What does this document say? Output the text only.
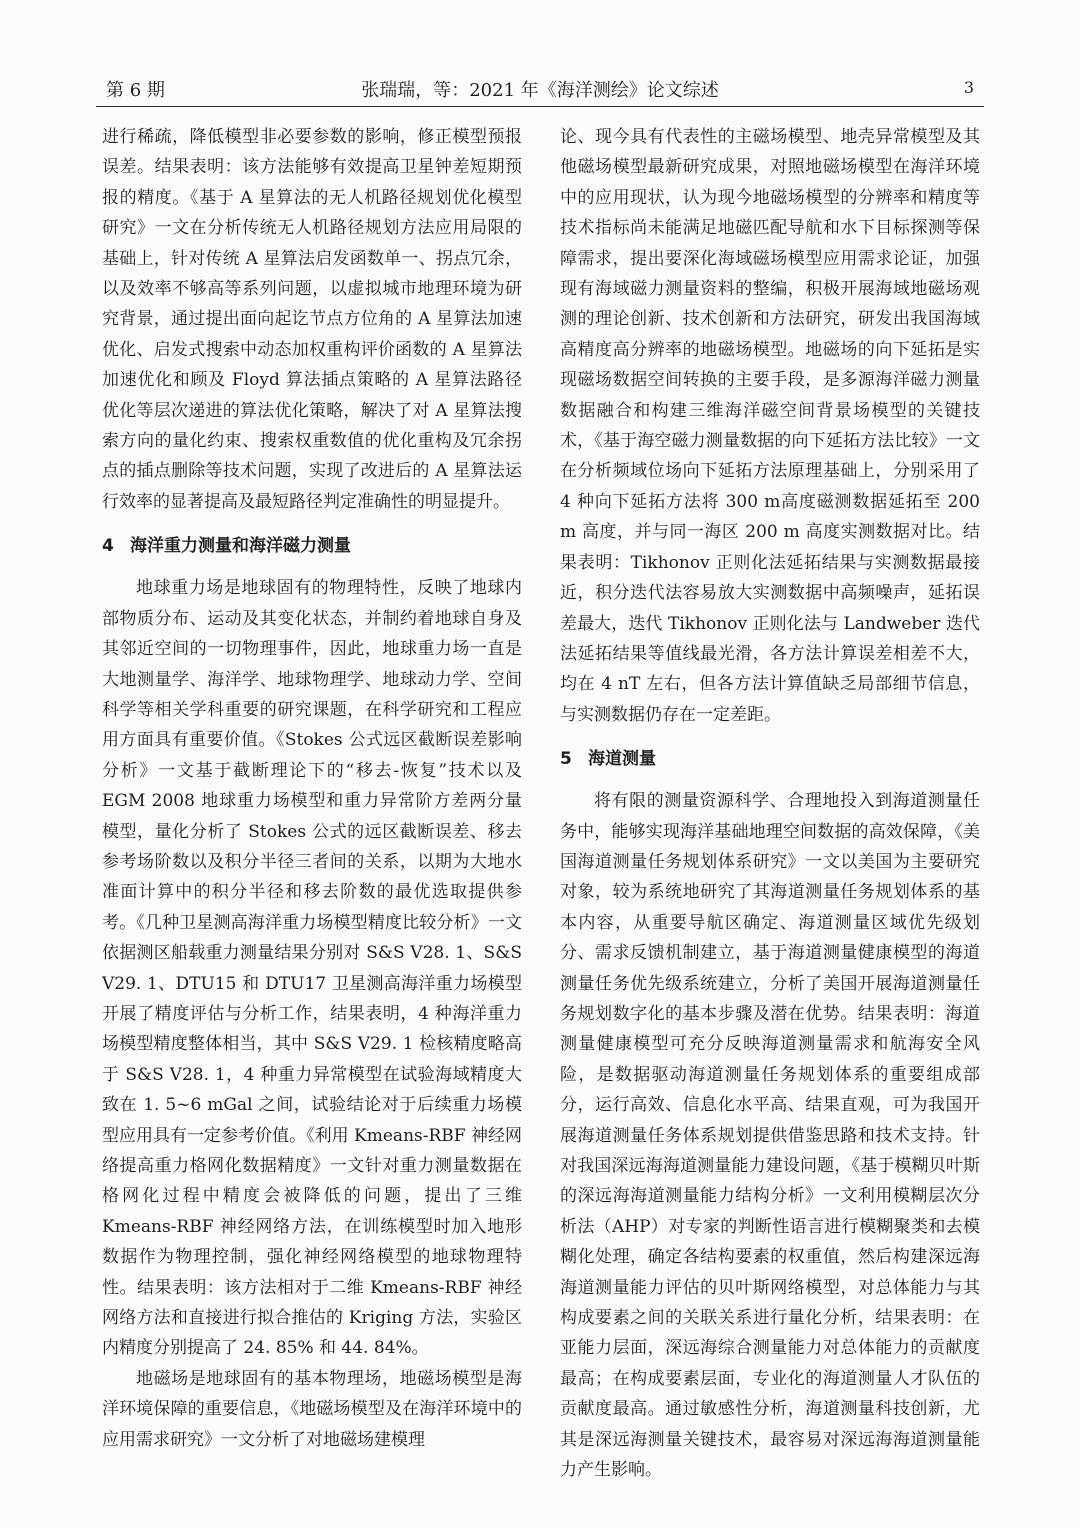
第 6 期	张瑞瑞，等：2021 年《海洋测绘》论文综述	3

进行稀疏，降低模型非必要参数的影响，修正模型预报误差。结果表明：该方法能够有效提高卫星钟差短期预报的精度。《基于 A 星算法的无人机路径规划优化模型研究》一文在分析传统无人机路径规划方法应用局限的基础上，针对传统 A 星算法启发函数单一、拐点冗余，以及效率不够高等系列问题，以虚拟城市地理环境为研究背景，通过提出面向起讫节点方位角的 A 星算法加速优化、启发式搜索中动态加权重构评价函数的 A 星算法加速优化和顾及 Floyd 算法插点策略的 A 星算法路径优化等层次递进的算法优化策略，解决了对 A 星算法搜索方向的量化约束、搜索权重数值的优化重构及冗余拐点的插点删除等技术问题，实现了改进后的 A 星算法运行效率的显著提高及最短路径判定准确性的明显提升。

4 海洋重力测量和海洋磁力测量

地球重力场是地球固有的物理特性，反映了地球内部物质分布、运动及其变化状态，并制约着地球自身及其邻近空间的一切物理事件，因此，地球重力场一直是大地测量学、海洋学、地球物理学、地球动力学、空间科学等相关学科重要的研究课题，在科学研究和工程应用方面具有重要价值。《Stokes 公式远区截断误差影响分析》一文基于截断理论下的“移去-恢复”技术以及 EGM 2008 地球重力场模型和重力异常阶方差两分量模型，量化分析了 Stokes 公式的远区截断误差、移去参考场阶数以及积分半径三者间的关系，以期为大地水准面计算中的积分半径和移去阶数的最优选取提供参考。《几种卫星测高海洋重力场模型精度比较分析》一文依据测区船载重力测量结果分别对 S&S V28. 1、S&S V29. 1、DTU15 和 DTU17 卫星测高海洋重力场模型开展了精度评估与分析工作，结果表明，4 种海洋重力场模型精度整体相当，其中 S&S V29. 1 检核精度略高于 S&S V28. 1，4 种重力异常模型在试验海域精度大致在 1. 5~6 mGal 之间，试验结论对于后续重力场模型应用具有一定参考价值。《利用 Kmeans-RBF 神经网络提高重力格网化数据精度》一文针对重力测量数据在格网化过程中精度会被降低的问题，提出了三维 Kmeans-RBF 神经网络方法，在训练模型时加入地形数据作为物理控制，强化神经网络模型的地球物理特性。结果表明：该方法相对于二维 Kmeans-RBF 神经网络方法和直接进行拟合推估的 Kriging 方法，实验区内精度分别提高了 24. 85% 和 44. 84%。

地磁场是地球固有的基本物理场，地磁场模型是海洋环境保障的重要信息，《地磁场模型及在海洋环境中的应用需求研究》一文分析了对地磁场建模理

论、现今具有代表性的主磁场模型、地壳异常模型及其他磁场模型最新研究成果，对照地磁场模型在海洋环境中的应用现状，认为现今地磁场模型的分辨率和精度等技术指标尚未能满足地磁匹配导航和水下目标探测等保障需求，提出要深化海域磁场模型应用需求论证，加强现有海域磁力测量资料的整编，积极开展海域地磁场观测的理论创新、技术创新和方法研究，研发出我国海域高精度高分辨率的地磁场模型。地磁场的向下延拓是实现磁场数据空间转换的主要手段，是多源海洋磁力测量数据融合和构建三维海洋磁空间背景场模型的关键技术，《基于海空磁力测量数据的向下延拓方法比较》一文在分析频域位场向下延拓方法原理基础上，分别采用了 4 种向下延拓方法将 300 m高度磁测数据延拓至 200 m 高度，并与同一海区 200 m 高度实测数据对比。结果表明：Tikhonov 正则化法延拓结果与实测数据最接近，积分迭代法容易放大实测数据中高频噪声，延拓误差最大，迭代 Tikhonov 正则化法与 Landweber 迭代法延拓结果等值线最光滑，各方法计算误差相差不大，均在 4 nT 左右，但各方法计算值缺乏局部细节信息，与实测数据仍存在一定差距。

5 海道测量

将有限的测量资源科学、合理地投入到海道测量任务中，能够实现海洋基础地理空间数据的高效保障，《美国海道测量任务规划体系研究》一文以美国为主要研究对象，较为系统地研究了其海道测量任务规划体系的基本内容，从重要导航区确定、海道测量区域优先级划分、需求反馈机制建立，基于海道测量健康模型的海道测量任务优先级系统建立，分析了美国开展海道测量任务规划数字化的基本步骤及潜在优势。结果表明：海道测量健康模型可充分反映海道测量需求和航海安全风险，是数据驱动海道测量任务规划体系的重要组成部分，运行高效、信息化水平高、结果直观，可为我国开展海道测量任务体系规划提供借鉴思路和技术支持。针对我国深远海海道测量能力建设问题，《基于模糊贝叶斯的深远海海道测量能力结构分析》一文利用模糊层次分析法（AHP）对专家的判断性语言进行模糊聚类和去模糊化处理，确定各结构要素的权重值，然后构建深远海海道测量能力评估的贝叶斯网络模型，对总体能力与其构成要素之间的关联关系进行量化分析，结果表明：在亚能力层面，深远海综合测量能力对总体能力的贡献度最高；在构成要素层面，专业化的海道测量人才队伍的贡献度最高。通过敏感性分析，海道测量科技创新，尤其是深远海测量关键技术，最容易对深远海海道测量能力产生影响。
